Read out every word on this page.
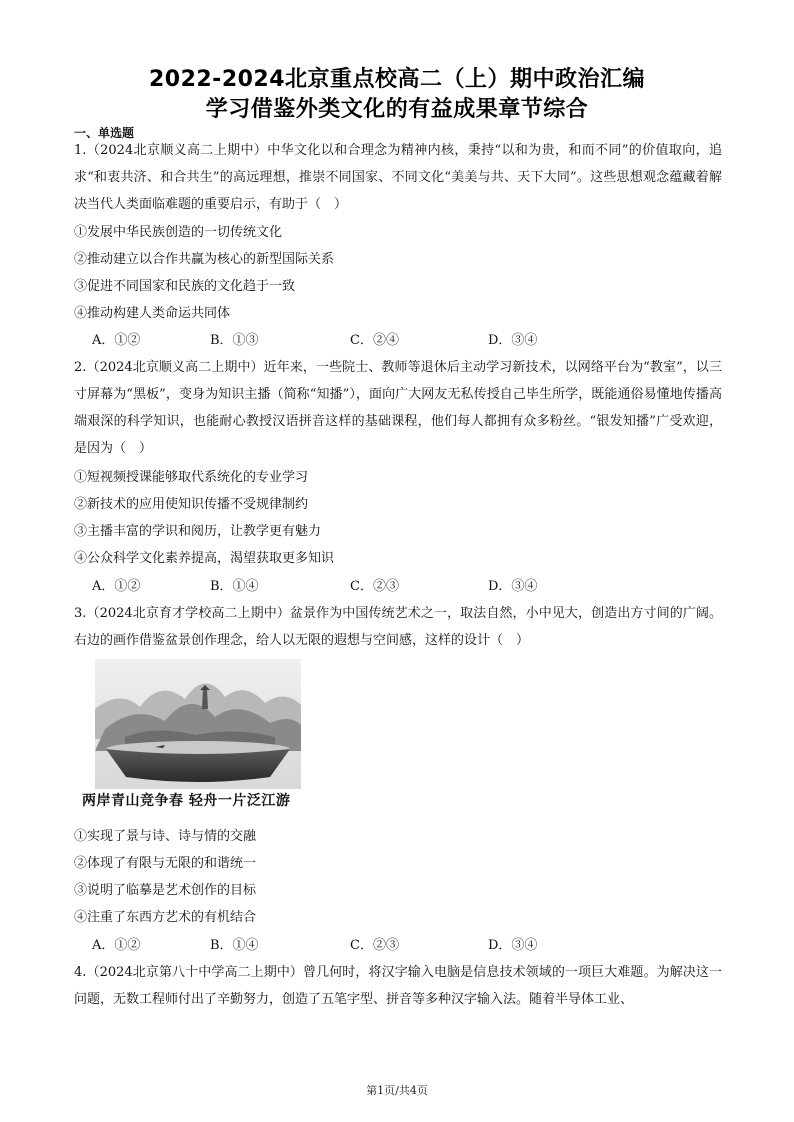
2022-2024北京重点校高二（上）期中政治汇编
学习借鉴外类文化的有益成果章节综合
一、单选题
1.（2024北京顺义高二上期中）中华文化以和合理念为精神内核，秉持“以和为贵，和而不同”的价值取向，追求“和衷共济、和合共生”的高远理想，推崇不同国家、不同文化“美美与共、天下大同”。这些思想观念蕴藏着解决当代人类面临难题的重要启示，有助于（　）
①发展中华民族创造的一切传统文化
②推动建立以合作共赢为核心的新型国际关系
③促进不同国家和民族的文化趋于一致
④推动构建人类命运共同体
A．①②	B．①③	C．②④	D．③④
2.（2024北京顺义高二上期中）近年来，一些院士、教师等退休后主动学习新技术，以网络平台为“教室”，以三寸屏幕为“黑板”，变身为知识主播（简称“知播”），面向广大网友无私传授自己毕生所学，既能通俗易懂地传播高端艰深的科学知识，也能耐心教授汉语拼音这样的基础课程，他们每人都拥有众多粉丝。“银发知播”广受欢迎，是因为（　）
①短视频授课能够取代系统化的专业学习
②新技术的应用使知识传播不受规律制约
③主播丰富的学识和阅历，让教学更有魅力
④公众科学文化素养提高，渴望获取更多知识
A．①②	B．①④	C．②③	D．③④
3.（2024北京育才学校高二上期中）盆景作为中国传统艺术之一，取法自然，小中见大，创造出方寸间的广阔。右边的画作借鉴盆景创作理念，给人以无限的遐想与空间感，这样的设计（　）
两岸青山竞争春 轻舟一片泛江游
①实现了景与诗、诗与情的交融
②体现了有限与无限的和谐统一
③说明了临摹是艺术创作的目标
④注重了东西方艺术的有机结合
A．①②	B．①④	C．②③	D．③④
4.（2024北京第八十中学高二上期中）曾几何时，将汉字输入电脑是信息技术领域的一项巨大难题。为解决这一问题，无数工程师付出了辛勤努力，创造了五笔字型、拼音等多种汉字输入法。随着半导体工业、
第1页/共4页
